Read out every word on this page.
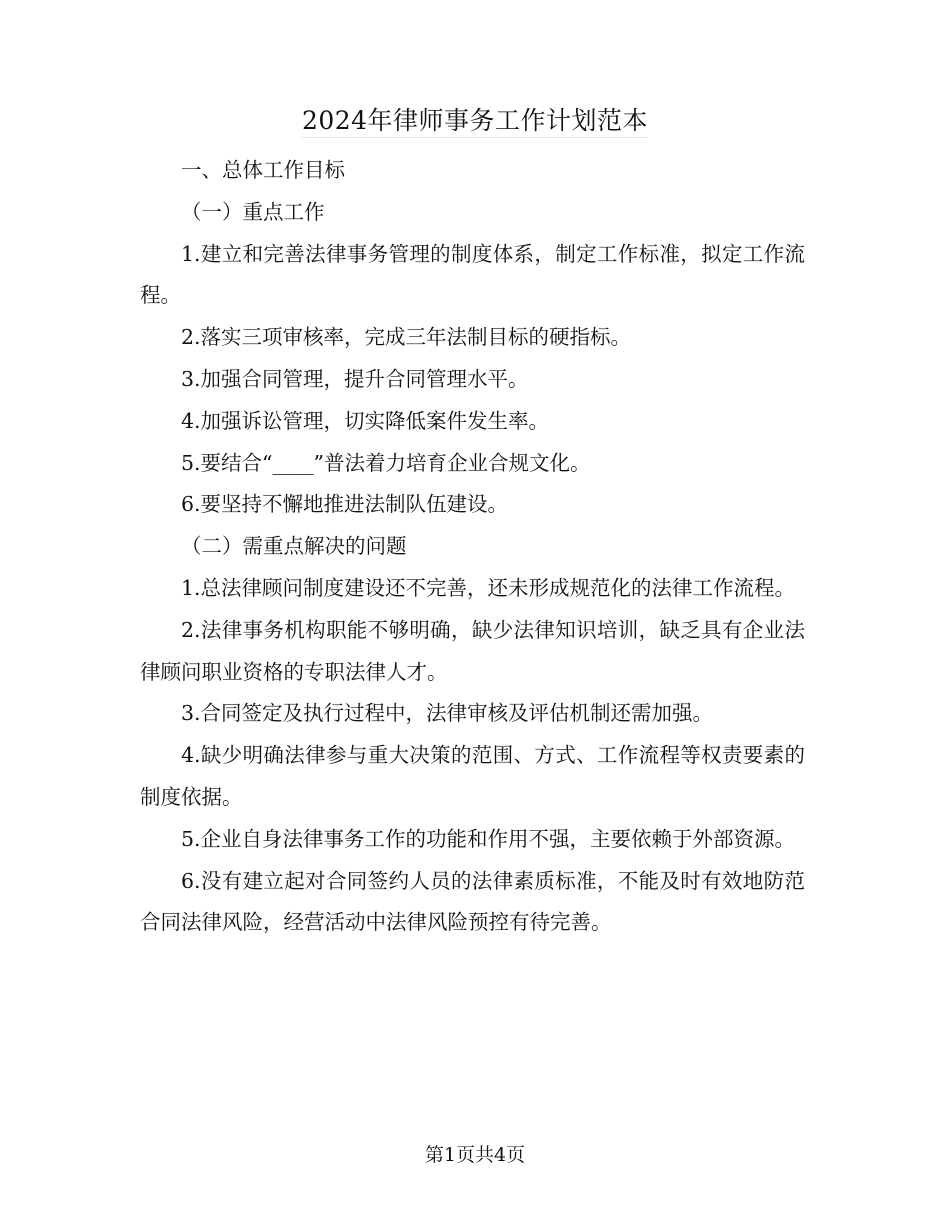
2024年律师事务工作计划范本

一、总体工作目标

（一）重点工作

1.建立和完善法律事务管理的制度体系，制定工作标准，拟定工作流程。

2.落实三项审核率，完成三年法制目标的硬指标。

3.加强合同管理，提升合同管理水平。

4.加强诉讼管理，切实降低案件发生率。

5.要结合“____”普法着力培育企业合规文化。

6.要坚持不懈地推进法制队伍建设。

（二）需重点解决的问题

1.总法律顾问制度建设还不完善，还未形成规范化的法律工作流程。

2.法律事务机构职能不够明确，缺少法律知识培训，缺乏具有企业法律顾问职业资格的专职法律人才。

3.合同签定及执行过程中，法律审核及评估机制还需加强。

4.缺少明确法律参与重大决策的范围、方式、工作流程等权责要素的制度依据。

5.企业自身法律事务工作的功能和作用不强，主要依赖于外部资源。

6.没有建立起对合同签约人员的法律素质标准，不能及时有效地防范合同法律风险，经营活动中法律风险预控有待完善。

第1页共4页
